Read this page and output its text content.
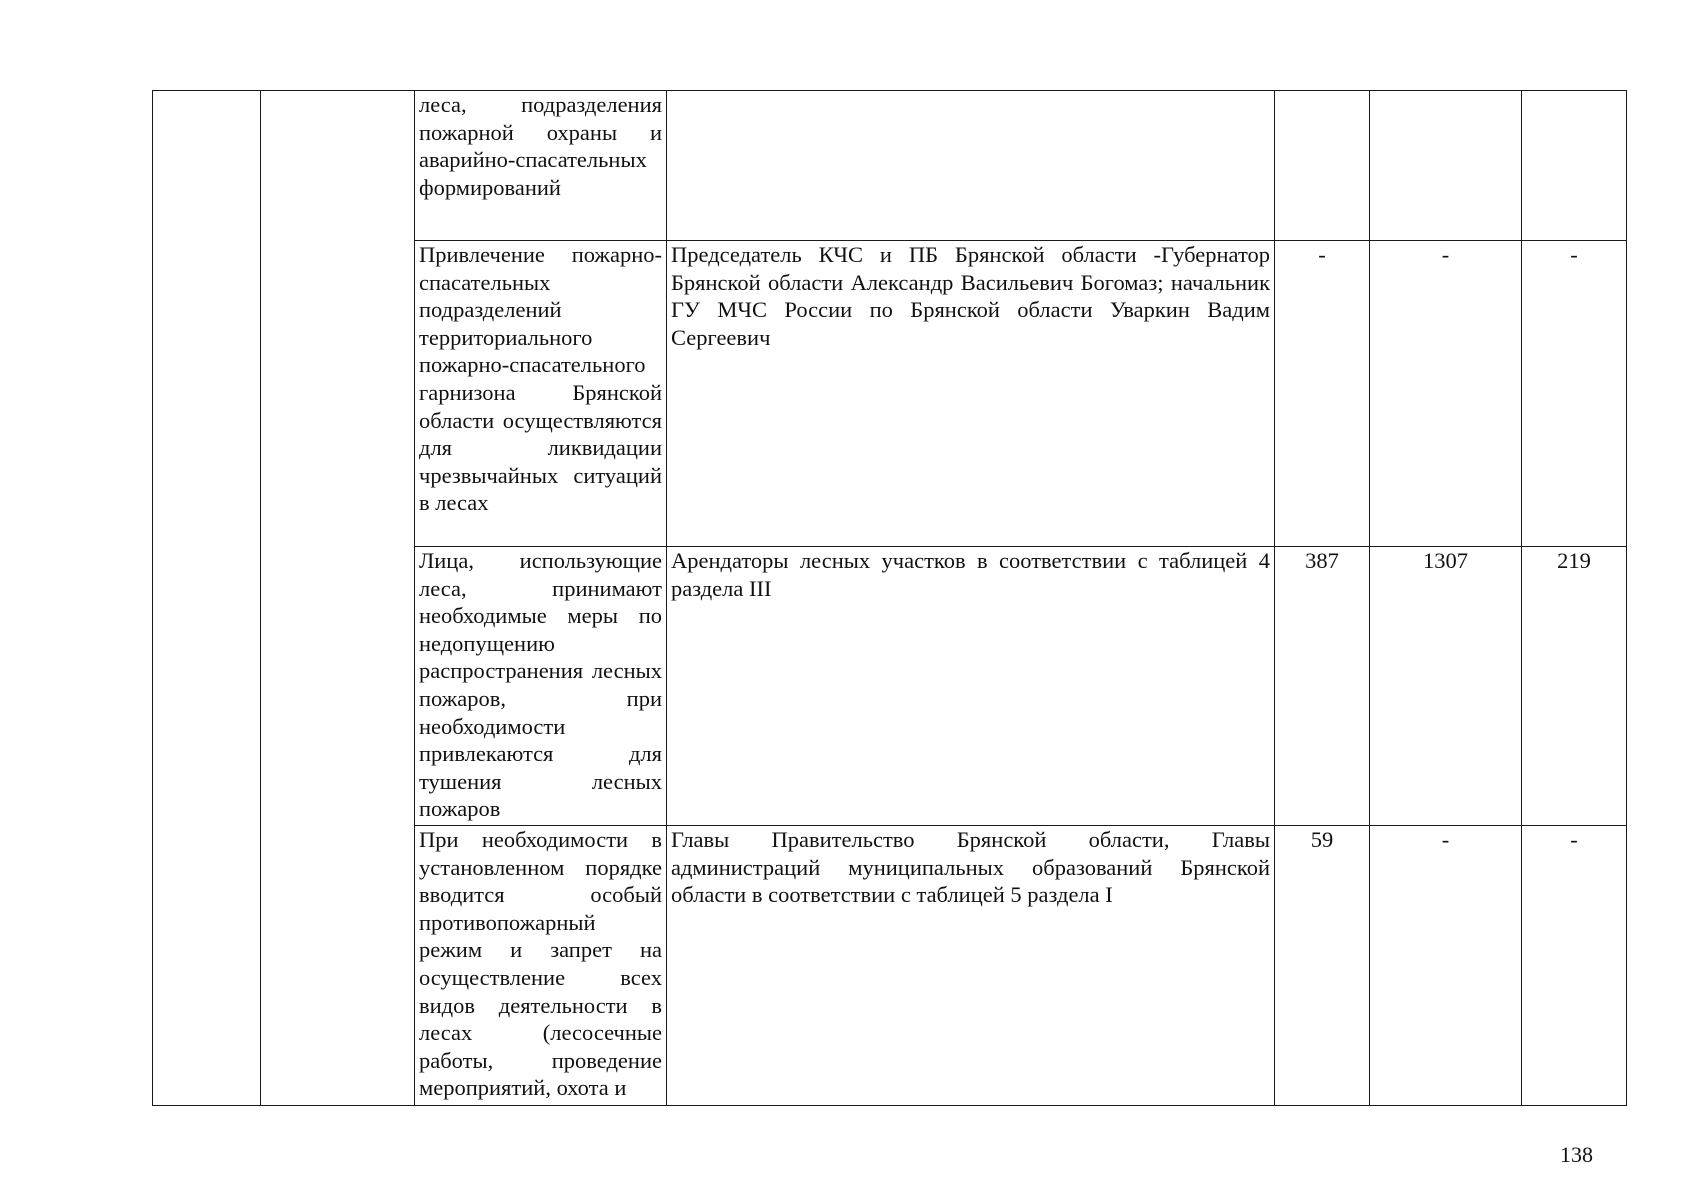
		леса, подразделения пожарной охраны и аварийно-спасательных формирований				
		Привлечение пожарно-спасательных подразделений территориального пожарно-спасательного гарнизона Брянской области осуществляются для ликвидации чрезвычайных ситуаций в лесах	Председатель КЧС и ПБ Брянской области -Губернатор Брянской области Александр Васильевич Богомаз; начальник ГУ МЧС России по Брянской области Уваркин Вадим Сергеевич	-	-	-
		Лица, использующие леса, принимают необходимые меры по недопущению распространения лесных пожаров, при необходимости привлекаются для тушения лесных пожаров	Арендаторы лесных участков в соответствии с таблицей 4 раздела III	387	1307	219
		При необходимости в установленном порядке вводится особый противопожарный режим и запрет на осуществление всех видов деятельности в лесах (лесосечные работы, проведение мероприятий, охота и	Главы Правительство Брянской области, Главы администраций муниципальных образований Брянской области в соответствии с таблицей 5 раздела I	59	-	-
138
